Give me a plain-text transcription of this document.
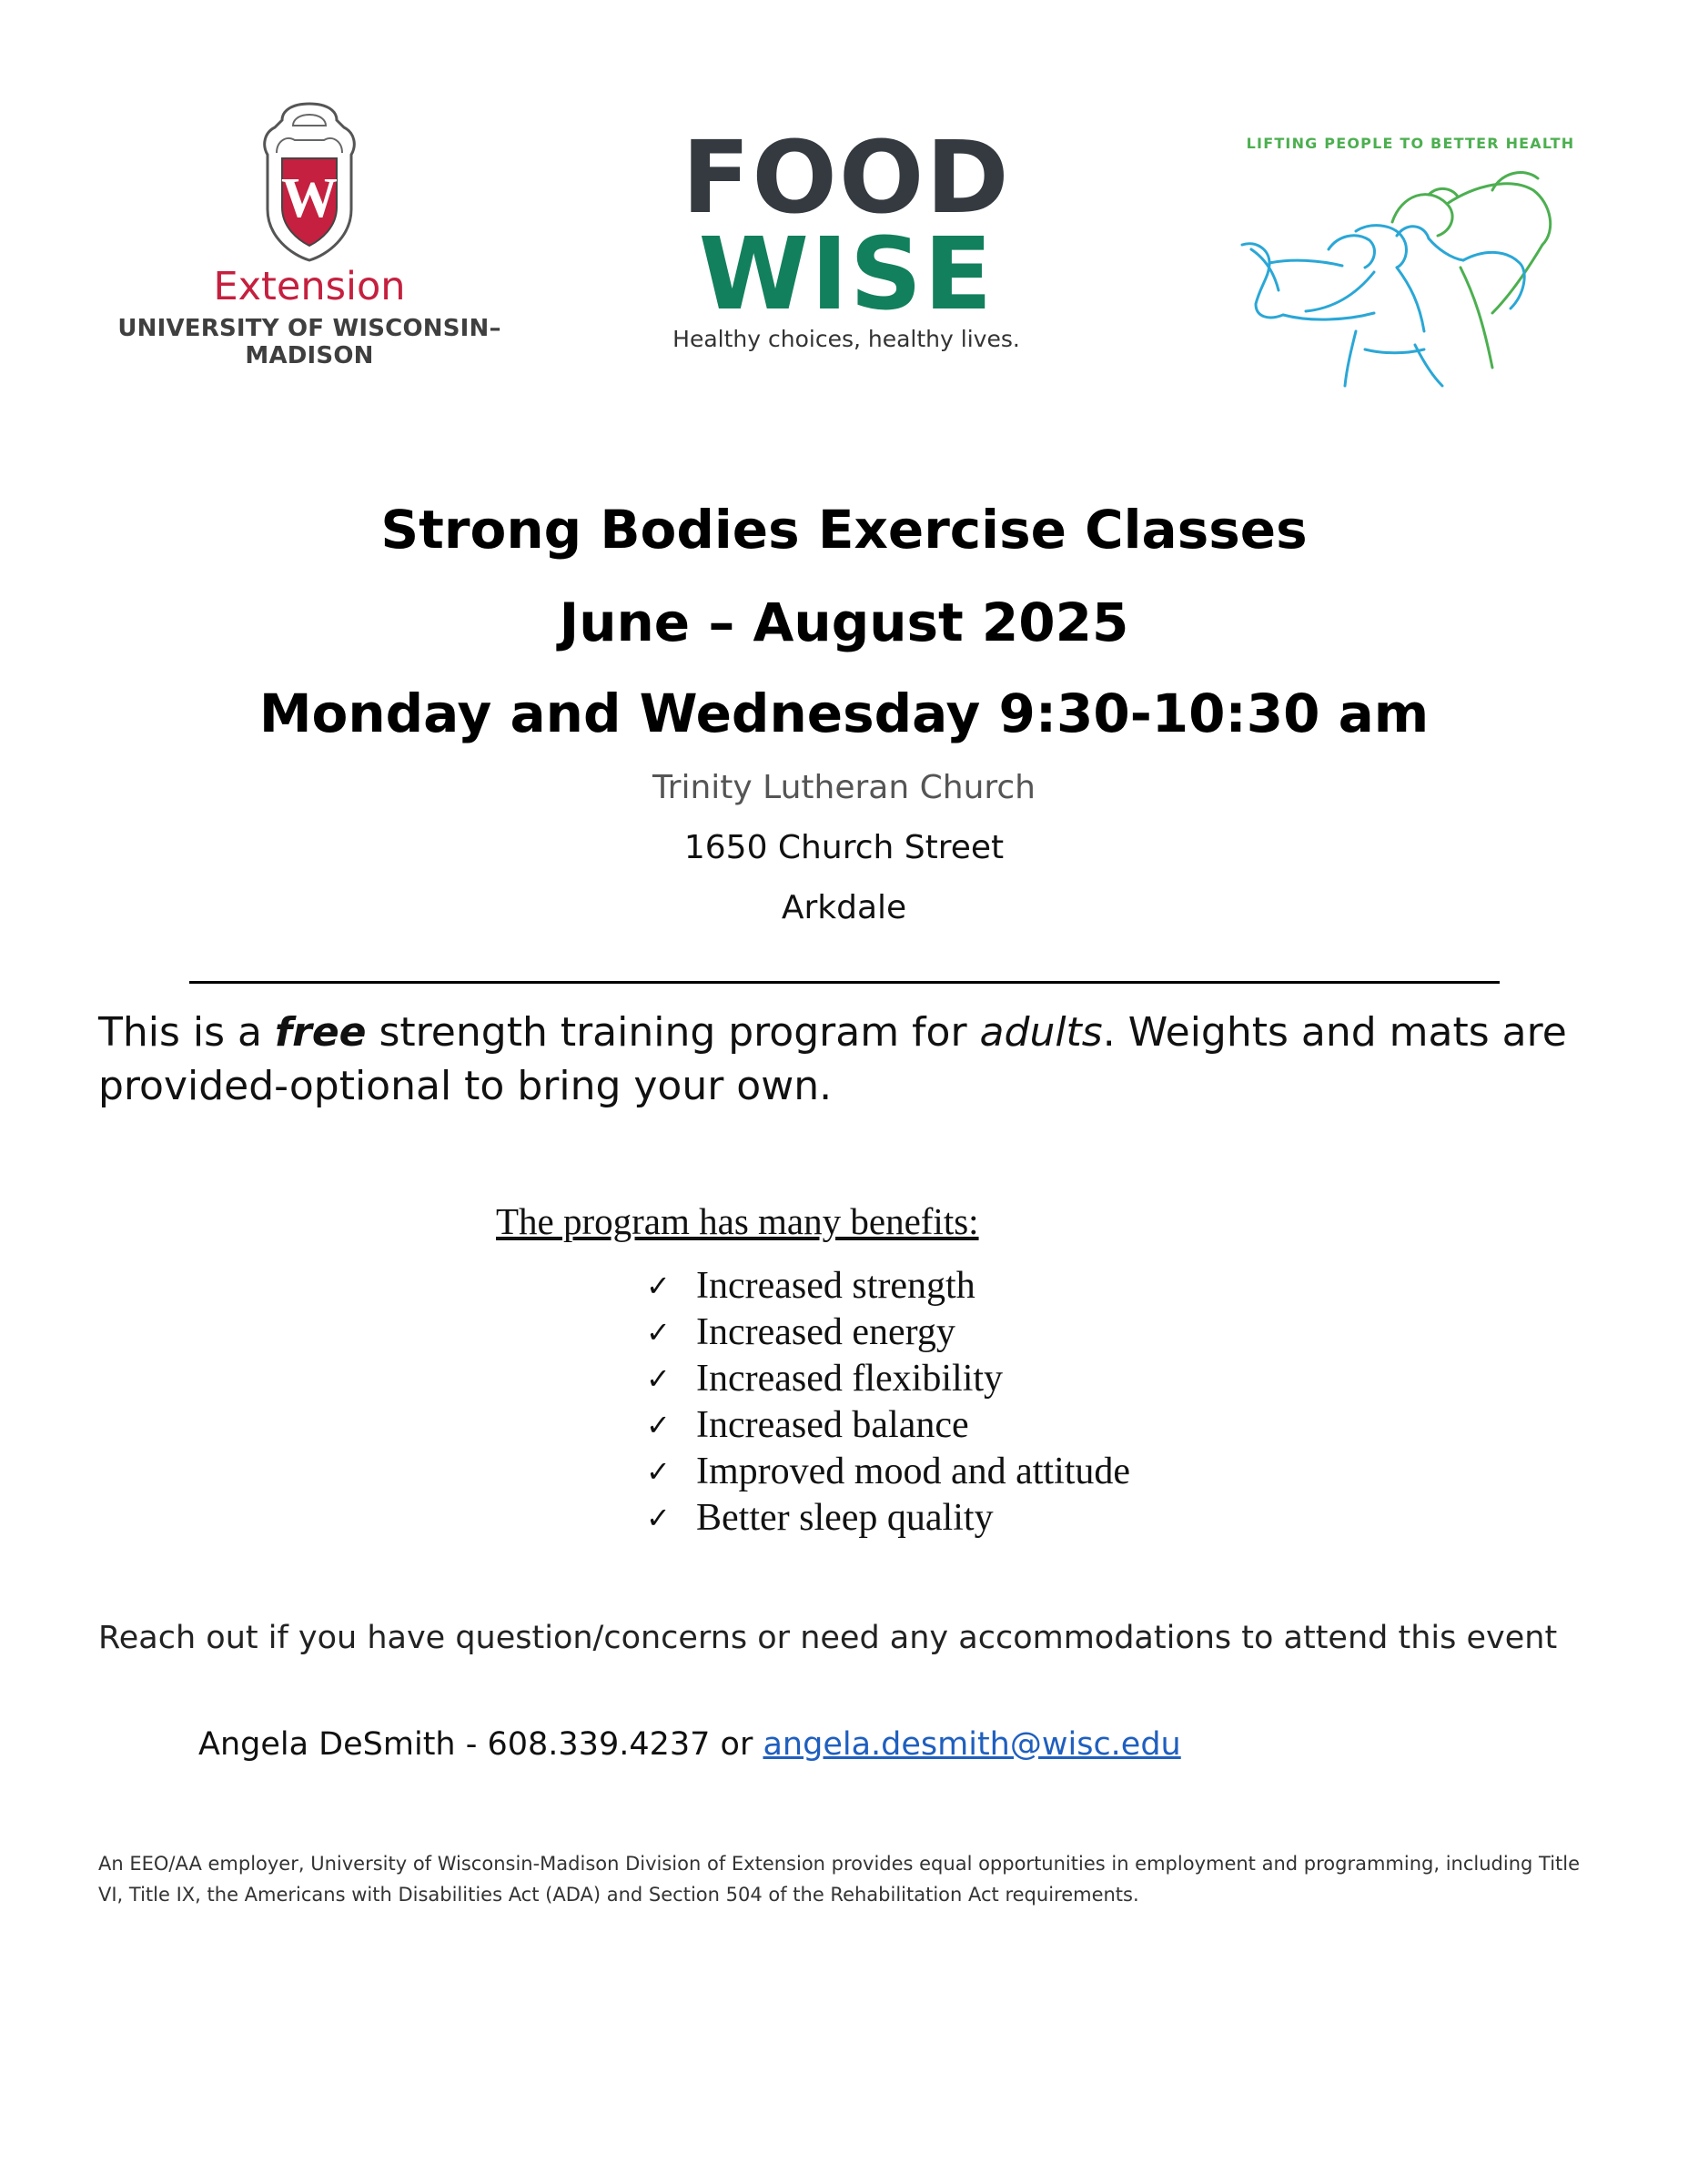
W
Extension
UNIVERSITY OF WISCONSIN–MADISON
FOOD
WISE
Healthy choices, healthy lives.
LIFTING PEOPLE TO BETTER HEALTH
Strong Bodies Exercise Classes
June – August 2025
Monday and Wednesday 9:30-10:30 am
Trinity Lutheran Church
1650 Church Street
Arkdale
This is a free strength training program for adults. Weights and mats are provided-optional to bring your own.
The program has many benefits:
✓ Increased strength
✓ Increased energy
✓ Increased flexibility
✓ Increased balance
✓ Improved mood and attitude
✓ Better sleep quality
Reach out if you have question/concerns or need any accommodations to attend this event
Angela DeSmith - 608.339.4237 or angela.desmith@wisc.edu
An EEO/AA employer, University of Wisconsin-Madison Division of Extension provides equal opportunities in employment and programming, including Title VI, Title IX, the Americans with Disabilities Act (ADA) and Section 504 of the Rehabilitation Act requirements.
